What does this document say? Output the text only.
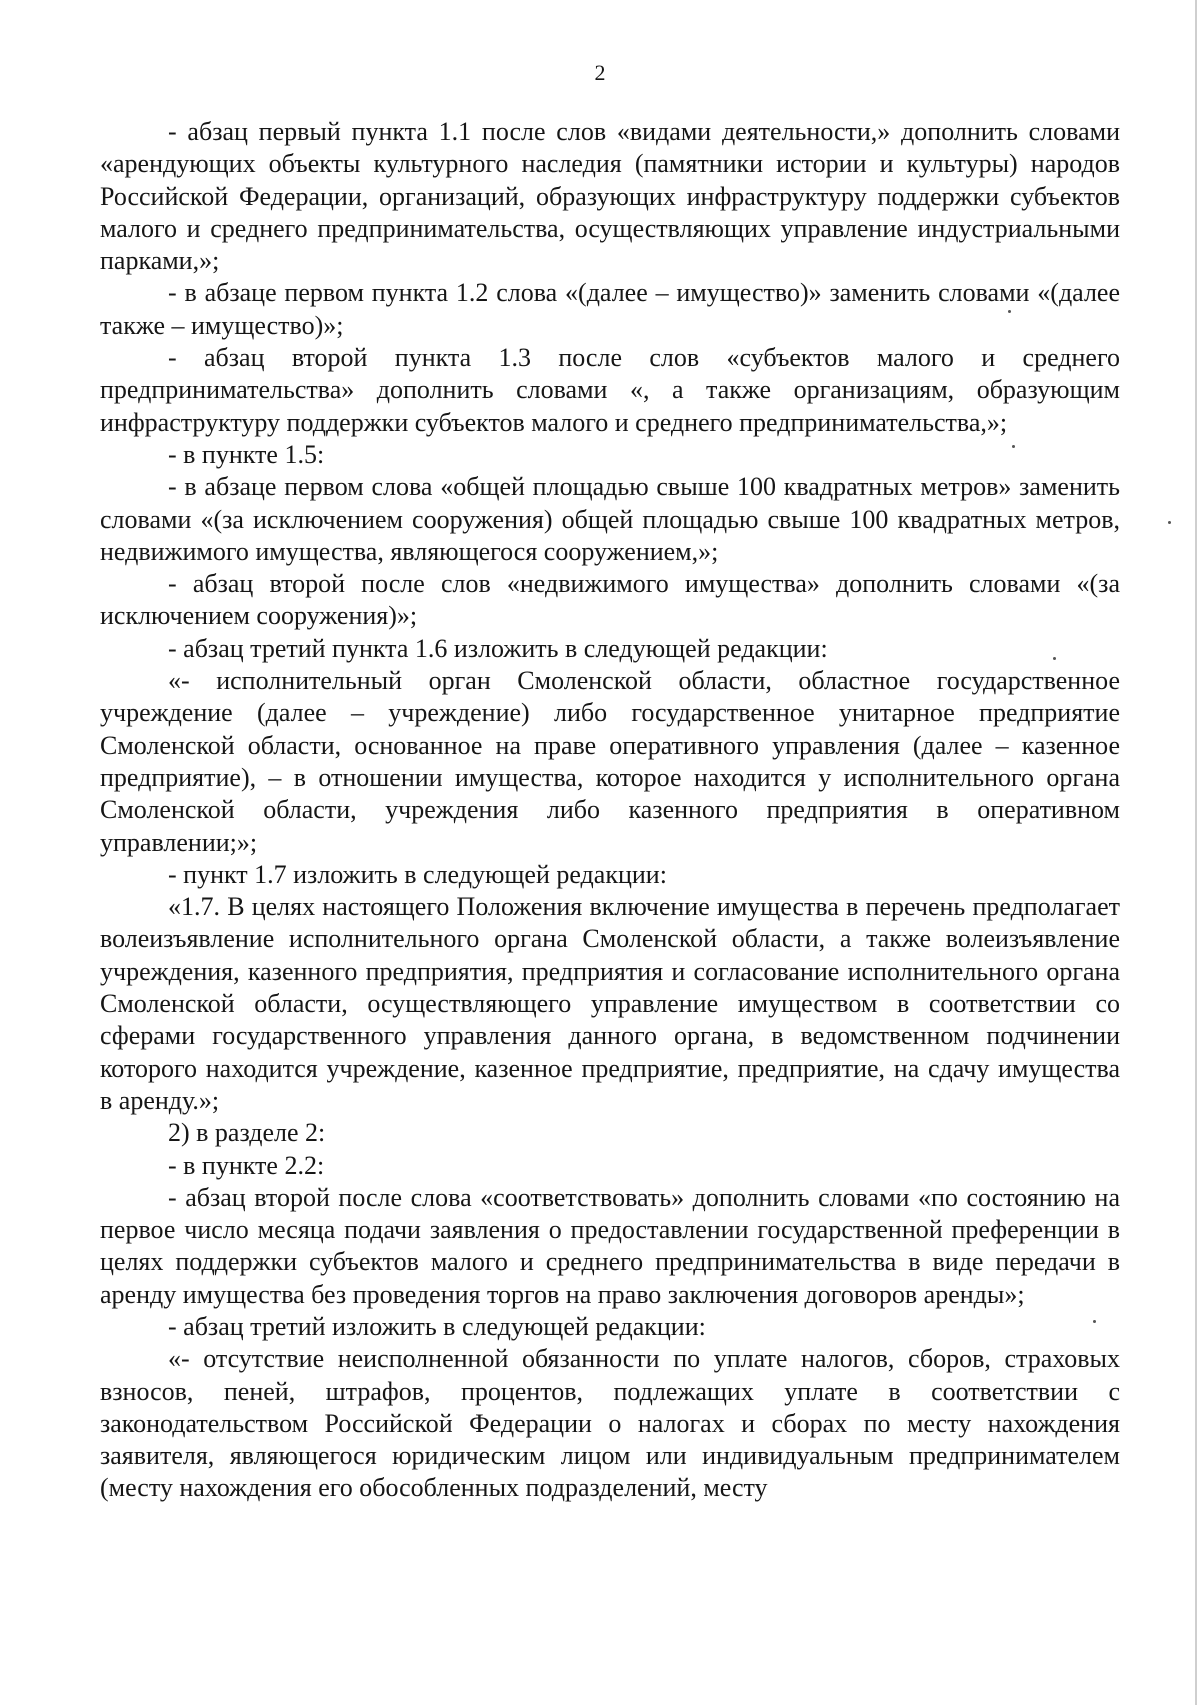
2

- абзац первый пункта 1.1 после слов «видами деятельности,» дополнить словами «арендующих объекты культурного наследия (памятники истории и культуры) народов Российской Федерации, организаций, образующих инфраструктуру поддержки субъектов малого и среднего предпринимательства, осуществляющих управление индустриальными парками,»;

- в абзаце первом пункта 1.2 слова «(далее – имущество)» заменить словами «(далее также – имущество)»;

- абзац второй пункта 1.3 после слов «субъектов малого и среднего предпринимательства» дополнить словами «, а также организациям, образующим инфраструктуру поддержки субъектов малого и среднего предпринимательства,»;

- в пункте 1.5:

- в абзаце первом слова «общей площадью свыше 100 квадратных метров» заменить словами «(за исключением сооружения) общей площадью свыше 100 квадратных метров, недвижимого имущества, являющегося сооружением,»;

- абзац второй после слов «недвижимого имущества» дополнить словами «(за исключением сооружения)»;

- абзац третий пункта 1.6 изложить в следующей редакции:

«- исполнительный орган Смоленской области, областное государственное учреждение (далее – учреждение) либо государственное унитарное предприятие Смоленской области, основанное на праве оперативного управления (далее – казенное предприятие), – в отношении имущества, которое находится у исполнительного органа Смоленской области, учреждения либо казенного предприятия в оперативном управлении;»;

- пункт 1.7 изложить в следующей редакции:

«1.7. В целях настоящего Положения включение имущества в перечень предполагает волеизъявление исполнительного органа Смоленской области, а также волеизъявление учреждения, казенного предприятия, предприятия и согласование исполнительного органа Смоленской области, осуществляющего управление имуществом в соответствии со сферами государственного управления данного органа, в ведомственном подчинении которого находится учреждение, казенное предприятие, предприятие, на сдачу имущества в аренду.»;

2) в разделе 2:

- в пункте 2.2:

- абзац второй после слова «соответствовать» дополнить словами «по состоянию на первое число месяца подачи заявления о предоставлении государственной преференции в целях поддержки субъектов малого и среднего предпринимательства в виде передачи в аренду имущества без проведения торгов на право заключения договоров аренды»;

- абзац третий изложить в следующей редакции:

«- отсутствие неисполненной обязанности по уплате налогов, сборов, страховых взносов, пеней, штрафов, процентов, подлежащих уплате в соответствии с законодательством Российской Федерации о налогах и сборах по месту нахождения заявителя, являющегося юридическим лицом или индивидуальным предпринимателем (месту нахождения его обособленных подразделений, месту
